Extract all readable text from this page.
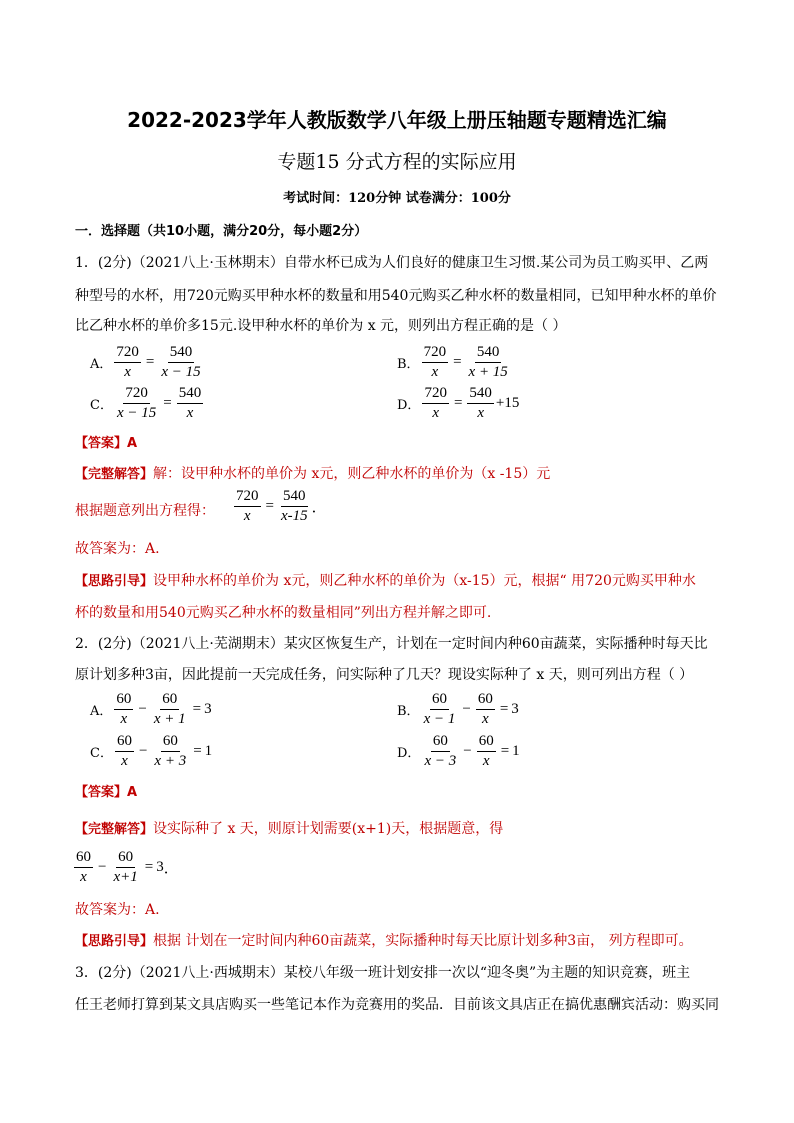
2022-2023学年人教版数学八年级上册压轴题专题精选汇编
专题15 分式方程的实际应用
考试时间：120分钟 试卷满分：100分
一．选择题（共10小题，满分20分，每小题2分）
1．(2分)（2021八上·玉林期末）自带水杯已成为人们良好的健康卫生习惯.某公司为员工购买甲、乙两
种型号的水杯，用720元购买甲种水杯的数量和用540元购买乙种水杯的数量相同，已知甲种水杯的单价
比乙种水杯的单价多15元.设甲种水杯的单价为 x 元，则列出方程正确的是（ ）
A． $\frac{720}{x} = \frac{540}{x - 15}$	B． $\frac{720}{x} = \frac{540}{x + 15}$
C． $\frac{720}{x - 15} = \frac{540}{x}$	D． $\frac{720}{x} = \frac{540}{x} +15$
【答案】A
【完整解答】解：设甲种水杯的单价为 x元，则乙种水杯的单价为（x -15）元
根据题意列出方程得： $\frac{720}{x} = \frac{540}{x-15}$ ．
故答案为：A.
【思路引导】设甲种水杯的单价为 x元，则乙种水杯的单价为（x-15）元，根据“ 用720元购买甲种水
杯的数量和用540元购买乙种水杯的数量相同”列出方程并解之即可.
2．(2分)（2021八上·芜湖期末）某灾区恢复生产，计划在一定时间内种60亩蔬菜，实际播种时每天比
原计划多种3亩，因此提前一天完成任务，问实际种了几天？现设实际种了 x 天，则可列出方程（ ）
A． $\frac{60}{x} - \frac{60}{x + 1} = 3$	B． $\frac{60}{x - 1} - \frac{60}{x} = 3$
C． $\frac{60}{x} - \frac{60}{x + 3} = 1$	D． $\frac{60}{x - 3} - \frac{60}{x} = 1$
【答案】A
【完整解答】设实际种了 x 天，则原计划需要(x+1)天，根据题意，得
$\frac{60}{x} - \frac{60}{x+1} = 3$ ．
故答案为：A.
【思路引导】根据 计划在一定时间内种60亩蔬菜，实际播种时每天比原计划多种3亩， 列方程即可。
3．(2分)（2021八上·西城期末）某校八年级一班计划安排一次以“迎冬奥”为主题的知识竞赛，班主
任王老师打算到某文具店购买一些笔记本作为竞赛用的奖品．目前该文具店正在搞优惠酬宾活动：购买同
